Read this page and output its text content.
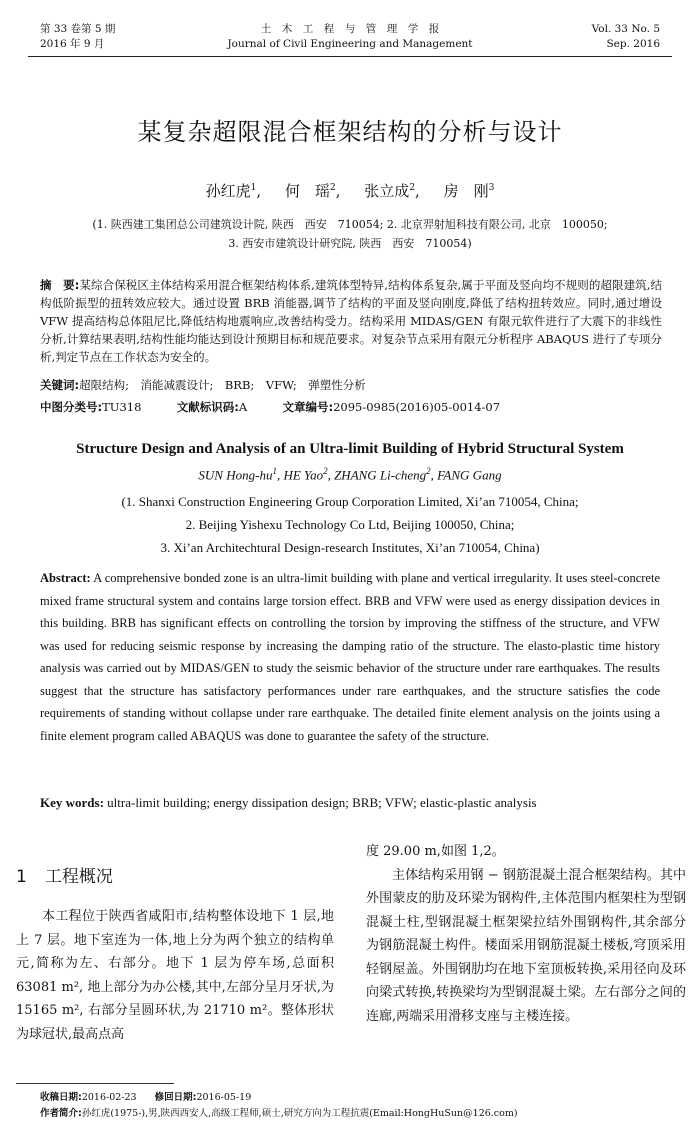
第 33 卷第 5 期
2016 年 9 月
土　木　工　程　与　管　理　学　报
Journal of Civil Engineering and Management
Vol. 33 No. 5
Sep. 2016
某复杂超限混合框架结构的分析与设计
孙红虎$^1$,     何　瑶$^2$,     张立成$^2$,     房　刚$^3$
(1. 陕西建工集团总公司建筑设计院, 陕西　西安　710054; 2. 北京羿射旭科技有限公司, 北京　100050;
3. 西安市建筑设计研究院, 陕西　西安　710054)
摘　要:某综合保税区主体结构采用混合框架结构体系,建筑体型特异,结构体系复杂,属于平面及竖向均不规则的超限建筑,结构低阶振型的扭转效应较大。通过设置 BRB 消能器,调节了结构的平面及竖向刚度,降低了结构扭转效应。同时,通过增设 VFW 提高结构总体阻尼比,降低结构地震响应,改善结构受力。结构采用 MIDAS/GEN 有限元软件进行了大震下的非线性分析,计算结果表明,结构性能均能达到设计预期目标和规范要求。对复杂节点采用有限元分析程序 ABAQUS 进行了专项分析,判定节点在工作状态为安全的。
关键词:超限结构;　消能减震设计;　BRB;　VFW;　弹塑性分析
中图分类号:TU318	文献标识码:A	文章编号:2095-0985(2016)05-0014-07
Structure Design and Analysis of an Ultra-limit Building of Hybrid Structural System
SUN Hong-$hu^1$, HE Yao$^2$, ZHANG Li-cheng$^2$, FANG Gang
(1. Shanxi Construction Engineering Group Corporation Limited, Xi’an 710054, China;
2. Beijing Yishexu Technology Co Ltd, Beijing 100050, China;
3. Xi’an Architechtural Design-research Institutes, Xi’an 710054, China)
Abstract: A comprehensive bonded zone is an ultra-limit building with plane and vertical irregularity. It uses steel-concrete mixed frame structural system and contains large torsion effect. BRB and VFW were used as energy dissipation devices in this building. BRB has significant effects on controlling the torsion by improving the stiffness of the structure, and VFW was used for reducing seismic response by increasing the damping ratio of the structure. The elasto-plastic time history analysis was carried out by MIDAS/GEN to study the seismic behavior of the structure under rare earthquakes. The results suggest that the structure has satisfactory performances under rare earthquakes, and the structure satisfies the code requirements of standing without collapse under rare earthquake. The detailed finite element analysis on the joints using a finite element program called ABAQUS was done to guarantee the safety of the structure.
Key words: ultra-limit building; energy dissipation design; BRB; VFW; elastic-plastic analysis
1 工程概况

本工程位于陕西省咸阳市,结构整体设地下 1 层,地上 7 层。地下室连为一体,地上分为两个独立的结构单元,简称为左、右部分。地下 1 层为停车场,总面积 63081 m², 地上部分为办公楼,其中,左部分呈月牙状,为 15165 m², 右部分呈圆环状,为 21710 m²。整体形状为球冠状,最高点高

度 29.00 m,如图 1,2。

主体结构采用钢 − 钢筋混凝土混合框架结构。其中外围蒙皮的肋及环梁为钢构件,主体范围内框架柱为型钢混凝土柱,型钢混凝土框架梁拉结外围钢构件,其余部分为钢筋混凝土构件。楼面采用钢筋混凝土楼板,穹顶采用轻钢屋盖。外围钢肋均在地下室顶板转换,采用径向及环向梁式转换,转换梁均为型钢混凝土梁。左右部分之间的连廊,两端采用滑移支座与主楼连接。

收稿日期:2016-02-23 修回日期:2016-05-19
作者简介:孙红虎(1975-),男,陕西西安人,高级工程师,硕士,研究方向为工程抗震(Email:HongHuSun@126.com)
